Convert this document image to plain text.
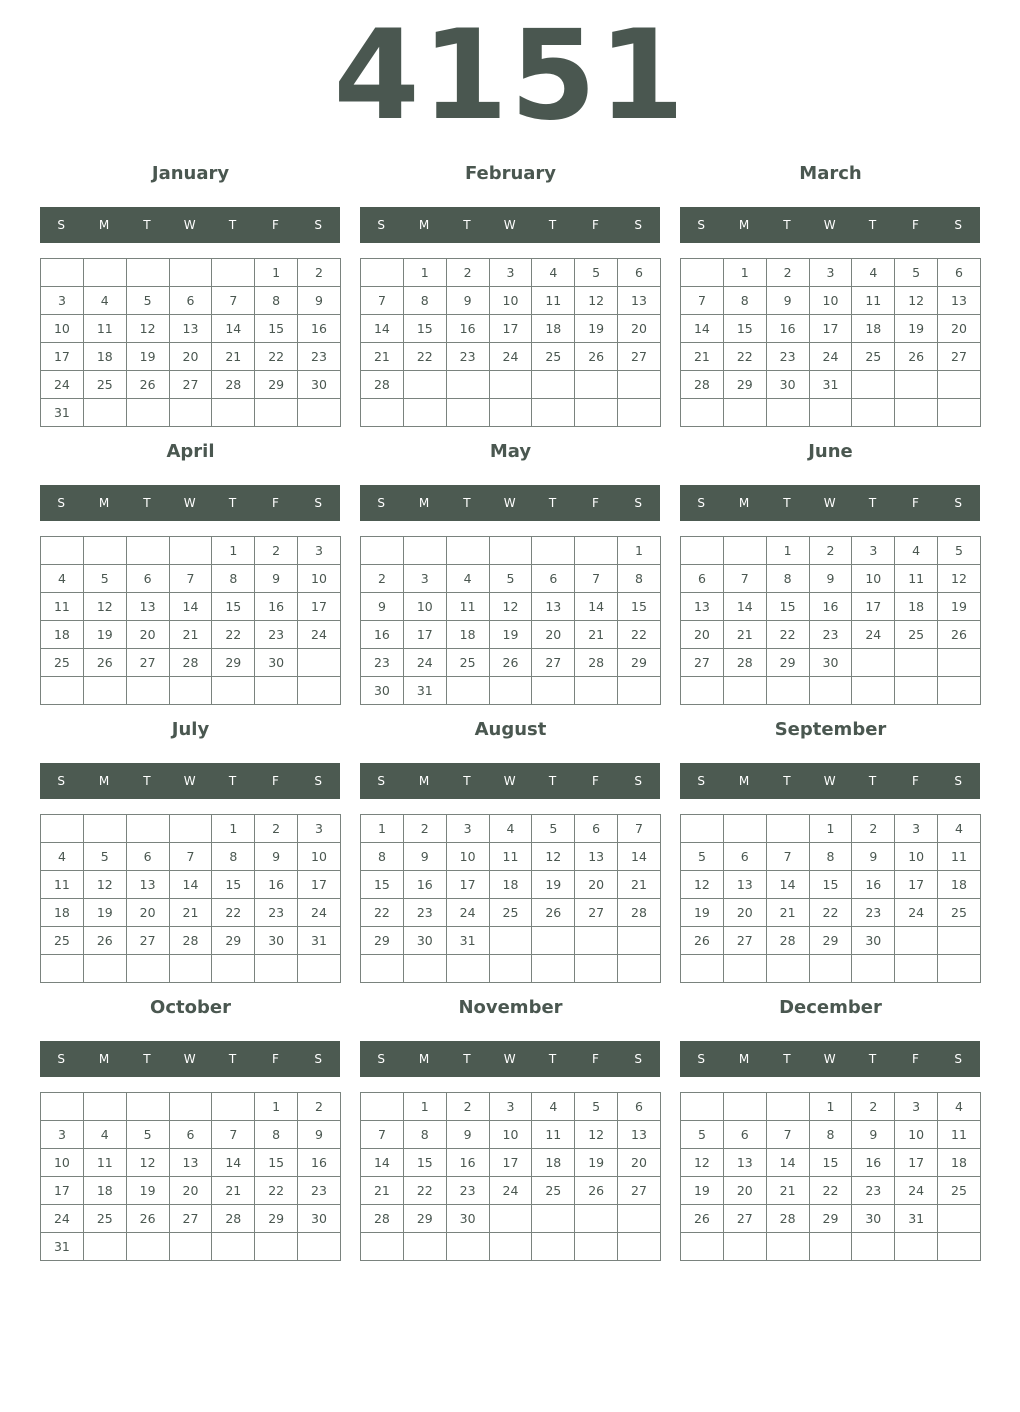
4151
January
S	M	T	W	T	F	S
					1	2
3	4	5	6	7	8	9
10	11	12	13	14	15	16
17	18	19	20	21	22	23
24	25	26	27	28	29	30
31						
February
S	M	T	W	T	F	S
	1	2	3	4	5	6
7	8	9	10	11	12	13
14	15	16	17	18	19	20
21	22	23	24	25	26	27
28						

March
S	M	T	W	T	F	S
	1	2	3	4	5	6
7	8	9	10	11	12	13
14	15	16	17	18	19	20
21	22	23	24	25	26	27
28	29	30	31			

April
S	M	T	W	T	F	S
				1	2	3
4	5	6	7	8	9	10
11	12	13	14	15	16	17
18	19	20	21	22	23	24
25	26	27	28	29	30	

May
S	M	T	W	T	F	S
						1
2	3	4	5	6	7	8
9	10	11	12	13	14	15
16	17	18	19	20	21	22
23	24	25	26	27	28	29
30	31					
June
S	M	T	W	T	F	S
		1	2	3	4	5
6	7	8	9	10	11	12
13	14	15	16	17	18	19
20	21	22	23	24	25	26
27	28	29	30			

July
S	M	T	W	T	F	S
				1	2	3
4	5	6	7	8	9	10
11	12	13	14	15	16	17
18	19	20	21	22	23	24
25	26	27	28	29	30	31

August
S	M	T	W	T	F	S
1	2	3	4	5	6	7
8	9	10	11	12	13	14
15	16	17	18	19	20	21
22	23	24	25	26	27	28
29	30	31				

September
S	M	T	W	T	F	S
			1	2	3	4
5	6	7	8	9	10	11
12	13	14	15	16	17	18
19	20	21	22	23	24	25
26	27	28	29	30		

October
S	M	T	W	T	F	S
					1	2
3	4	5	6	7	8	9
10	11	12	13	14	15	16
17	18	19	20	21	22	23
24	25	26	27	28	29	30
31						
November
S	M	T	W	T	F	S
	1	2	3	4	5	6
7	8	9	10	11	12	13
14	15	16	17	18	19	20
21	22	23	24	25	26	27
28	29	30				

December
S	M	T	W	T	F	S
			1	2	3	4
5	6	7	8	9	10	11
12	13	14	15	16	17	18
19	20	21	22	23	24	25
26	27	28	29	30	31	
